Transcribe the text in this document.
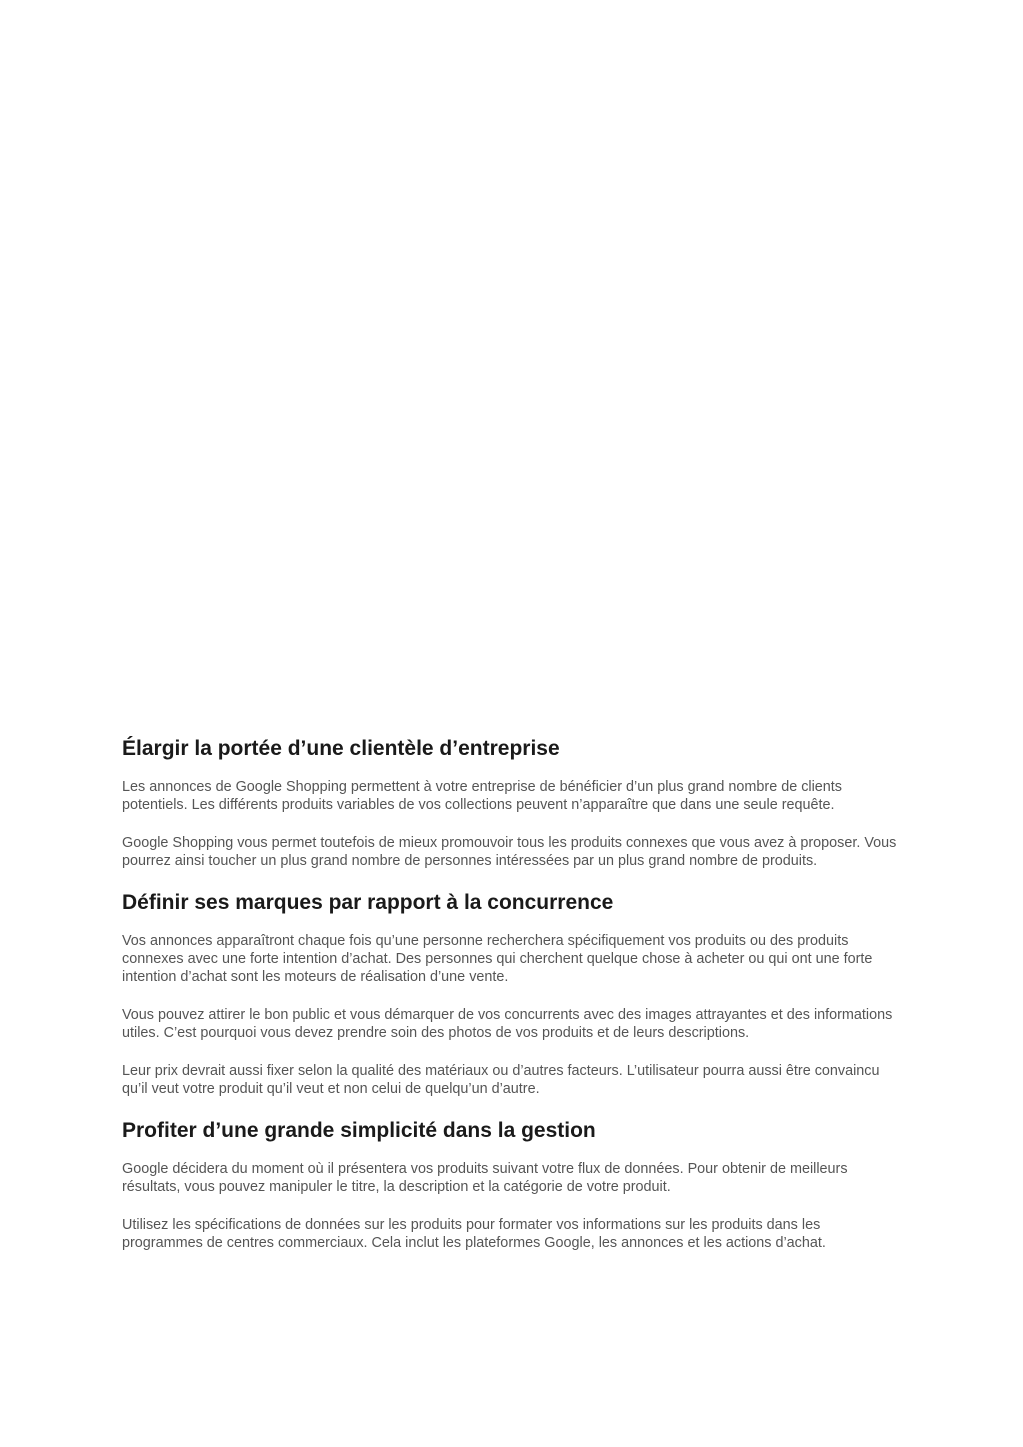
Élargir la portée d’une clientèle d’entreprise

Les annonces de Google Shopping permettent à votre entreprise de bénéficier d’un plus grand nombre de clients potentiels. Les différents produits variables de vos collections peuvent n’apparaître que dans une seule requête.

Google Shopping vous permet toutefois de mieux promouvoir tous les produits connexes que vous avez à proposer. Vous pourrez ainsi toucher un plus grand nombre de personnes intéressées par un plus grand nombre de produits.

Définir ses marques par rapport à la concurrence

Vos annonces apparaîtront chaque fois qu’une personne recherchera spécifiquement vos produits ou des produits connexes avec une forte intention d’achat. Des personnes qui cherchent quelque chose à acheter ou qui ont une forte intention d’achat sont les moteurs de réalisation d’une vente.

Vous pouvez attirer le bon public et vous démarquer de vos concurrents avec des images attrayantes et des informations utiles. C’est pourquoi vous devez prendre soin des photos de vos produits et de leurs descriptions.

Leur prix devrait aussi fixer selon la qualité des matériaux ou d’autres facteurs. L’utilisateur pourra aussi être convaincu qu’il veut votre produit qu’il veut et non celui de quelqu’un d’autre.

Profiter d’une grande simplicité dans la gestion

Google décidera du moment où il présentera vos produits suivant votre flux de données. Pour obtenir de meilleurs résultats, vous pouvez manipuler le titre, la description et la catégorie de votre produit.

Utilisez les spécifications de données sur les produits pour formater vos informations sur les produits dans les programmes de centres commerciaux. Cela inclut les plateformes Google, les annonces et les actions d’achat.
